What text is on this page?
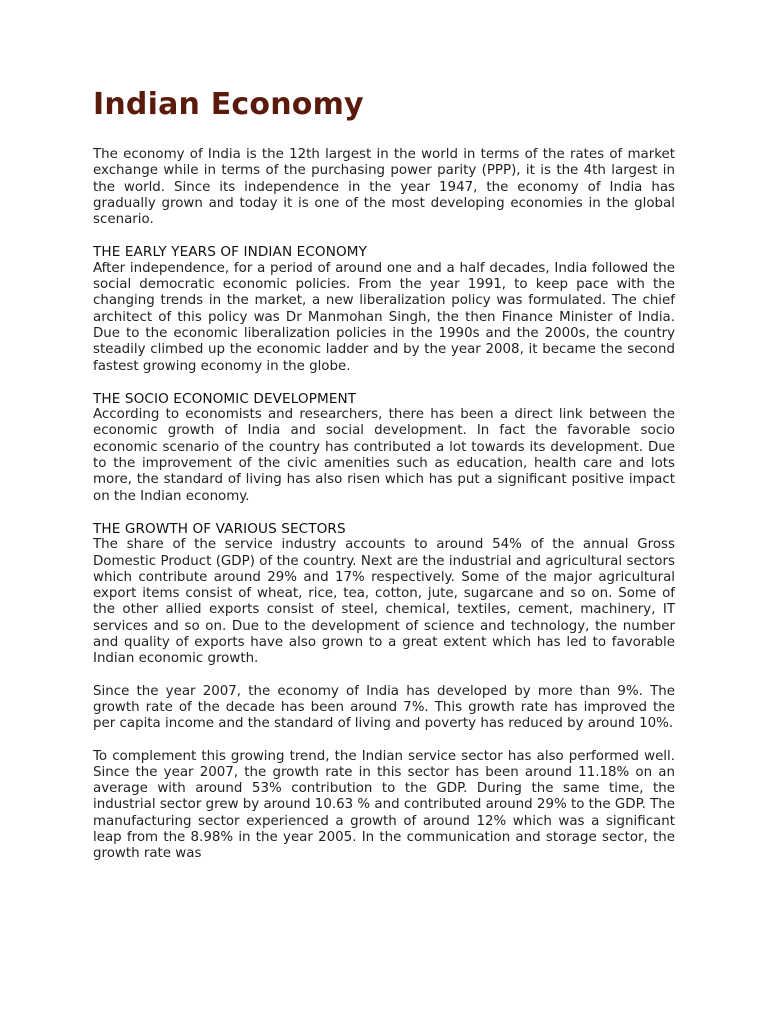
Indian Economy

The economy of India is the 12th largest in the world in terms of the rates of market exchange while in terms of the purchasing power parity (PPP), it is the 4th largest in the world. Since its independence in the year 1947, the economy of India has gradually grown and today it is one of the most developing economies in the global scenario.

THE EARLY YEARS OF INDIAN ECONOMY

After independence, for a period of around one and a half decades, India followed the social democratic economic policies. From the year 1991, to keep pace with the changing trends in the market, a new liberalization policy was formulated. The chief architect of this policy was Dr Manmohan Singh, the then Finance Minister of India. Due to the economic liberalization policies in the 1990s and the 2000s, the country steadily climbed up the economic ladder and by the year 2008, it became the second fastest growing economy in the globe.

THE SOCIO ECONOMIC DEVELOPMENT

According to economists and researchers, there has been a direct link between the economic growth of India and social development. In fact the favorable socio economic scenario of the country has contributed a lot towards its development. Due to the improvement of the civic amenities such as education, health care and lots more, the standard of living has also risen which has put a significant positive impact on the Indian economy.

THE GROWTH OF VARIOUS SECTORS

The share of the service industry accounts to around 54% of the annual Gross Domestic Product (GDP) of the country. Next are the industrial and agricultural sectors which contribute around 29% and 17% respectively. Some of the major agricultural export items consist of wheat, rice, tea, cotton, jute, sugarcane and so on. Some of the other allied exports consist of steel, chemical, textiles, cement, machinery, IT services and so on. Due to the development of science and technology, the number and quality of exports have also grown to a great extent which has led to favorable Indian economic growth.

Since the year 2007, the economy of India has developed by more than 9%. The growth rate of the decade has been around 7%. This growth rate has improved the per capita income and the standard of living and poverty has reduced by around 10%.

To complement this growing trend, the Indian service sector has also performed well. Since the year 2007, the growth rate in this sector has been around 11.18% on an average with around 53% contribution to the GDP. During the same time, the industrial sector grew by around 10.63 % and contributed around 29% to the GDP. The manufacturing sector experienced a growth of around 12% which was a significant leap from the 8.98% in the year 2005. In the communication and storage sector, the growth rate was
